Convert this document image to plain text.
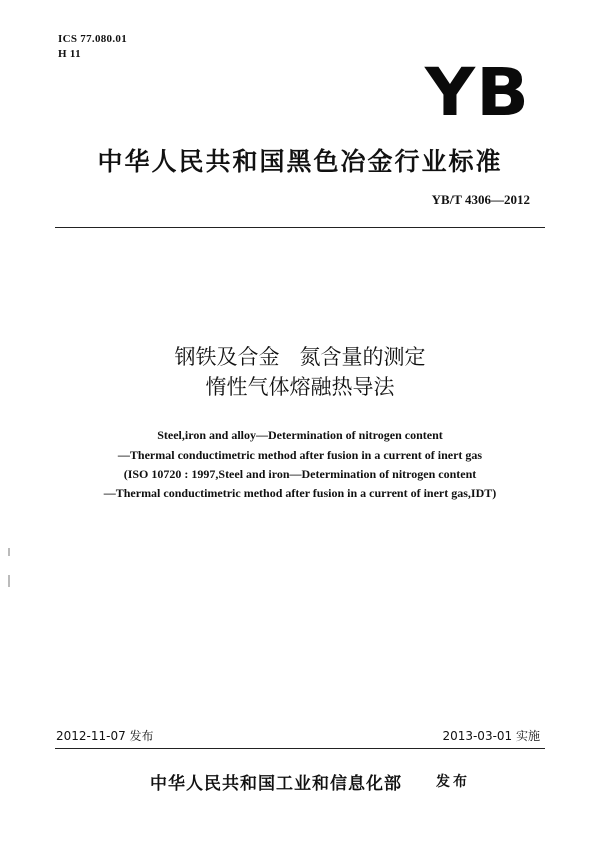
ICS 77.080.01
H 11	YB
中华人民共和国黑色冶金行业标准
YB/T 4306—2012
钢铁及合金   氮含量的测定
惰性气体熔融热导法
Steel,iron and alloy—Determination of nitrogen content
—Thermal conductimetric method after fusion in a current of inert gas
(ISO 10720 : 1997,Steel and iron—Determination of nitrogen content
—Thermal conductimetric method after fusion in a current of inert gas,IDT)
2012-11-07 发布	2013-03-01 实施
中华人民共和国工业和信息化部 发布
